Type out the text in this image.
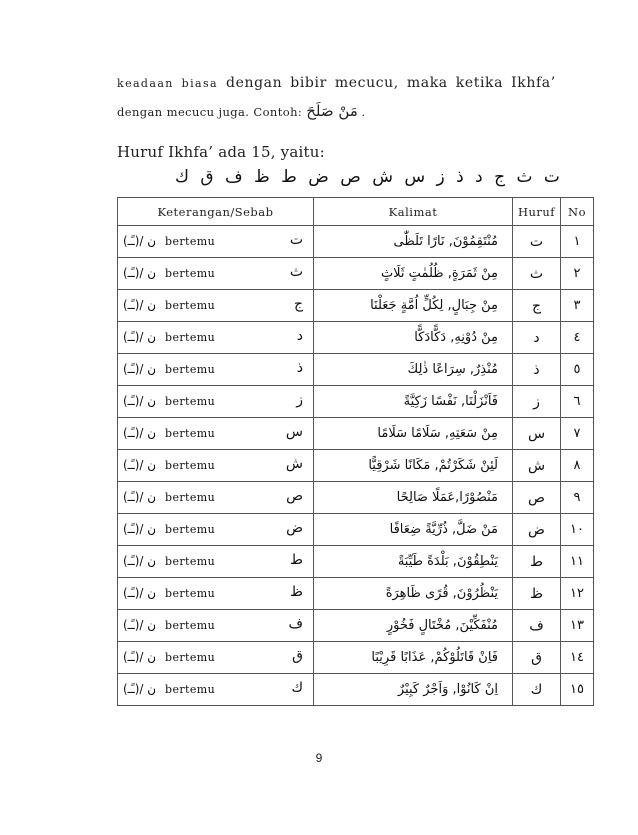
keadaan biasa dengan bibir mecucu, maka ketika Ikhfa’
dengan mecucu juga. Contoh: مَنْ صَلَحَ .
Huruf Ikhfa’ ada 15, yaitu:
ت ث ج د ذ ز س ش ص ض ط ظ ف ق ك
Keterangan/Sebab	Kalimat	Huruf	No

ن /(ـًـ) bertemu ت	مُنْتَقِمُوْنَ, نَارًا تَلَظّٰى	ت	١

ن /(ـًـ) bertemu ث	مِنْ ثَمَرَةٍ, ظُلُمٰتٍ ثَلَاثٍ	ث	٢

ن /(ـًـ) bertemu ج	مِنْ جِبَالٍ, لِكُلٍّ اُمَّةٍ جَعَلْنَا	ج	٣

ن /(ـًـ) bertemu د	مِنْ دُوْنِهِ, دَكًّادَكًّا	د	٤

ن /(ـًـ) bertemu ذ	مُنْذِرٌ, سِرَاعًا ذٰلِكَ	ذ	٥

ن /(ـًـ) bertemu ز	فَاَنْزَلْنَا, نَفْسًا زَكِيَّةً	ز	٦

ن /(ـًـ) bertemu س	مِنْ سَعَتِهِ, سَلَامًا سَلَامًا	س	٧

ن /(ـًـ) bertemu ش	لَئِنْ شَكَرْتُمْ, مَكَانًا شَرْقِيًّا	ش	٨

ن /(ـًـ) bertemu ص	مَنْصُوْرًا,عَمَلًا صَالِحًا	ص	٩

ن /(ـًـ) bertemu ض	مَنْ ضَلَّ, ذُرِّيَّةً ضِعَافًا	ض	١٠

ن /(ـًـ) bertemu ط	يَنْطِقُوْنَ, بَلْدَةً طَيِّبَةً	ط	١١

ن /(ـًـ) bertemu ظ	يَنْظُرُوْنَ, قُرًى ظَاهِرَةً	ظ	١٢

ن /(ـًـ) bertemu ف	مُنْفَكِّيْنَ, مُخْتَالٍ فَخُوْرٍ	ف	١٣

ن /(ـًـ) bertemu ق	فَاِنْ قَاتَلُوْكُمْ, عَذَابًا قَرِيْبًا	ق	١٤

ن /(ـًـ) bertemu ك	اِنْ كَانُوْا, وَاَجْرٌ كَبِيْرٌ	ك	١٥
9
